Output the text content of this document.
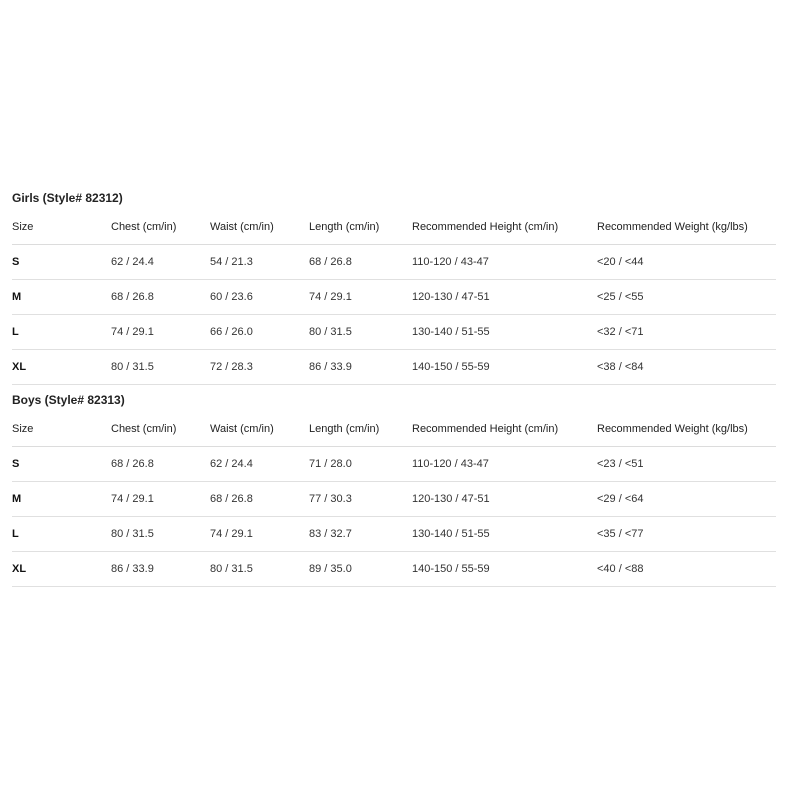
Girls (Style# 82312)
Size	Chest (cm/in)	Waist (cm/in)	Length (cm/in)	Recommended Height (cm/in)	Recommended Weight (kg/lbs)
S	62 / 24.4	54 / 21.3	68 / 26.8	110-120 / 43-47	<20 / <44
M	68 / 26.8	60 / 23.6	74 / 29.1	120-130 / 47-51	<25 / <55
L	74 / 29.1	66 / 26.0	80 / 31.5	130-140 / 51-55	<32 / <71
XL	80 / 31.5	72 / 28.3	86 / 33.9	140-150 / 55-59	<38 / <84
Boys (Style# 82313)
Size	Chest (cm/in)	Waist (cm/in)	Length (cm/in)	Recommended Height (cm/in)	Recommended Weight (kg/lbs)
S	68 / 26.8	62 / 24.4	71 / 28.0	110-120 / 43-47	<23 / <51
M	74 / 29.1	68 / 26.8	77 / 30.3	120-130 / 47-51	<29 / <64
L	80 / 31.5	74 / 29.1	83 / 32.7	130-140 / 51-55	<35 / <77
XL	86 / 33.9	80 / 31.5	89 / 35.0	140-150 / 55-59	<40 / <88
